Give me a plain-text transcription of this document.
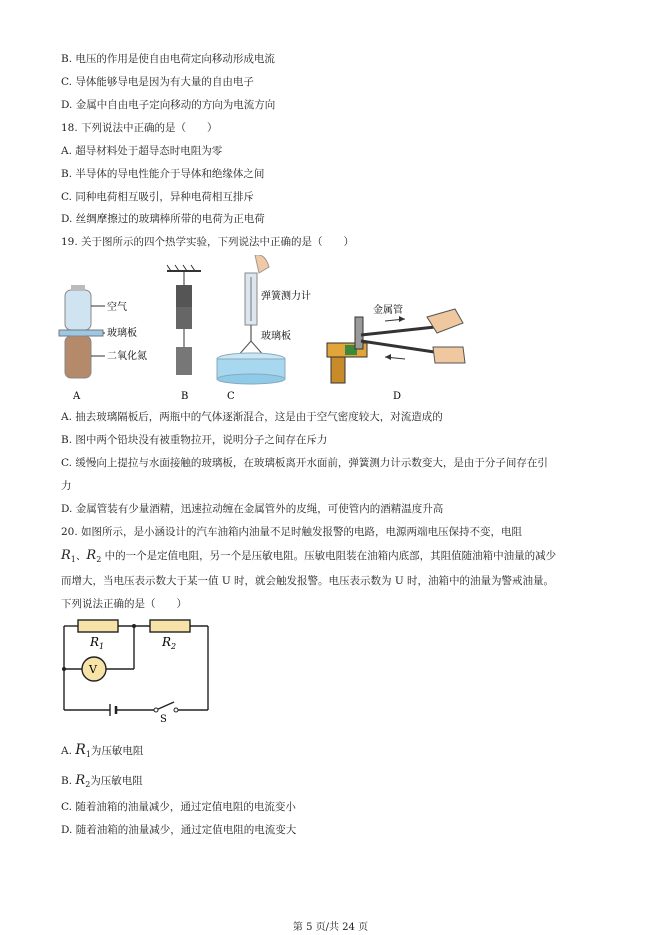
B. 电压的作用是使自由电荷定向移动形成电流
C. 导体能够导电是因为有大量的自由电子
D. 金属中自由电子定向移动的方向为电流方向
18. 下列说法中正确的是（　　）
A. 超导材料处于超导态时电阻为零
B. 半导体的导电性能介于导体和绝缘体之间
C. 同种电荷相互吸引，异种电荷相互排斥
D. 丝绸摩擦过的玻璃棒所带的电荷为正电荷
19. 关于图所示的四个热学实验，下列说法中正确的是（　　）
空气
玻璃板
二氧化氮
A	B
弹簧测力计
玻璃板
C
金属管
D
A. 抽去玻璃隔板后，两瓶中的气体逐渐混合，这是由于空气密度较大，对流造成的
B. 图中两个铅块没有被重物拉开，说明分子之间存在斥力
C. 缓慢向上提拉与水面接触的玻璃板，在玻璃板离开水面前，弹簧测力计示数变大，是由于分子间存在引
力
D. 金属管装有少量酒精，迅速拉动缠在金属管外的皮绳，可使管内的酒精温度升高
20. 如图所示，是小涵设计的汽车油箱内油量不足时触发报警的电路，电源两端电压保持不变，电阻
$R_1$、$R_2$ 中的一个是定值电阻，另一个是压敏电阻。压敏电阻装在油箱内底部，其阻值随油箱中油量的减少
而增大，当电压表示数大于某一值 U 时，就会触发报警。电压表示数为 U 时，油箱中的油量为警戒油量。
下列说法正确的是（　　）
$R_1$	$R_2$
V
S
A. $R_1$为压敏电阻
B. $R_2$为压敏电阻
C. 随着油箱的油量减少，通过定值电阻的电流变小
D. 随着油箱的油量减少，通过定值电阻的电流变大
第 5 页/共 24 页
